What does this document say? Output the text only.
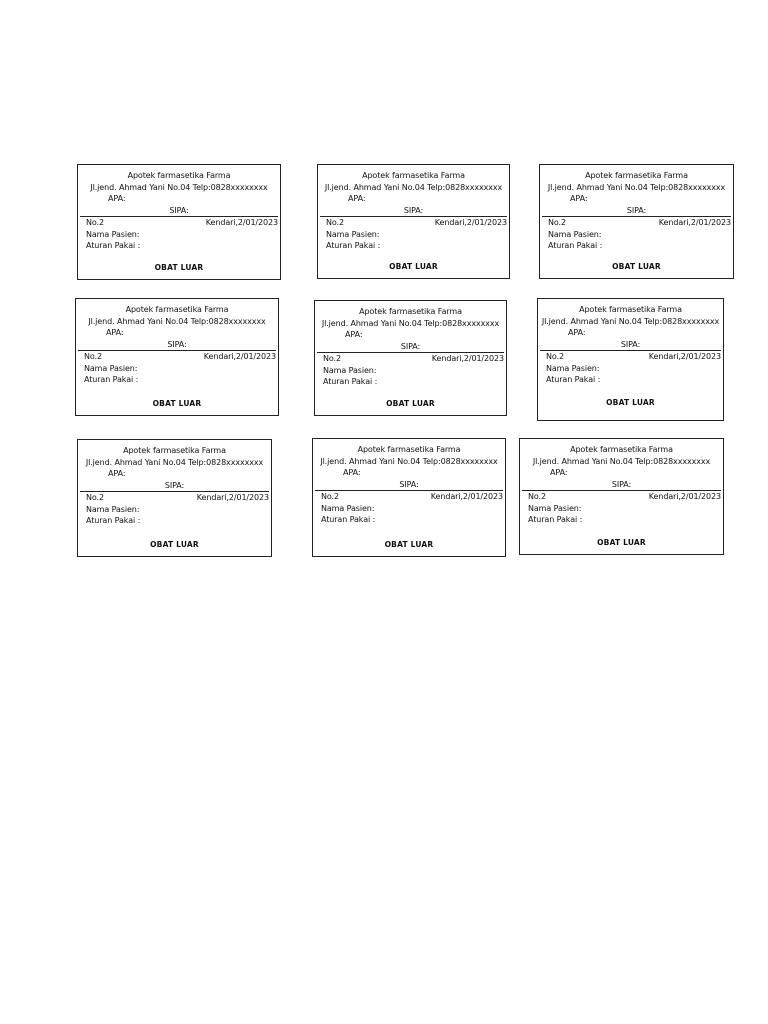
Apotek farmasetika Farma
Jl.jend. Ahmad Yani No.04 Telp:0828xxxxxxxx
APA:
SIPA:
No.2	Kendari,2/01/2023
Nama Pasien:
Aturan Pakai :
OBAT LUAR
Apotek farmasetika Farma
Jl.jend. Ahmad Yani No.04 Telp:0828xxxxxxxx
APA:
SIPA:
No.2	Kendari,2/01/2023
Nama Pasien:
Aturan Pakai :
OBAT LUAR
Apotek farmasetika Farma
Jl.jend. Ahmad Yani No.04 Telp:0828xxxxxxxx
APA:
SIPA:
No.2	Kendari,2/01/2023
Nama Pasien:
Aturan Pakai :
OBAT LUAR
Apotek farmasetika Farma
Jl.jend. Ahmad Yani No.04 Telp:0828xxxxxxxx
APA:
SIPA:
No.2	Kendari,2/01/2023
Nama Pasien:
Aturan Pakai :
OBAT LUAR
Apotek farmasetika Farma
Jl.jend. Ahmad Yani No.04 Telp:0828xxxxxxxx
APA:
SIPA:
No.2	Kendari,2/01/2023
Nama Pasien:
Aturan Pakai :
OBAT LUAR
Apotek farmasetika Farma
Jl.jend. Ahmad Yani No.04 Telp:0828xxxxxxxx
APA:
SIPA:
No.2	Kendari,2/01/2023
Nama Pasien:
Aturan Pakai :
OBAT LUAR
Apotek farmasetika Farma
Jl.jend. Ahmad Yani No.04 Telp:0828xxxxxxxx
APA:
SIPA:
No.2	Kendari,2/01/2023
Nama Pasien:
Aturan Pakai :
OBAT LUAR
Apotek farmasetika Farma
Jl.jend. Ahmad Yani No.04 Telp:0828xxxxxxxx
APA:
SIPA:
No.2	Kendari,2/01/2023
Nama Pasien:
Aturan Pakai :
OBAT LUAR
Apotek farmasetika Farma
Jl.jend. Ahmad Yani No.04 Telp:0828xxxxxxxx
APA:
SIPA:
No.2	Kendari,2/01/2023
Nama Pasien:
Aturan Pakai :
OBAT LUAR
